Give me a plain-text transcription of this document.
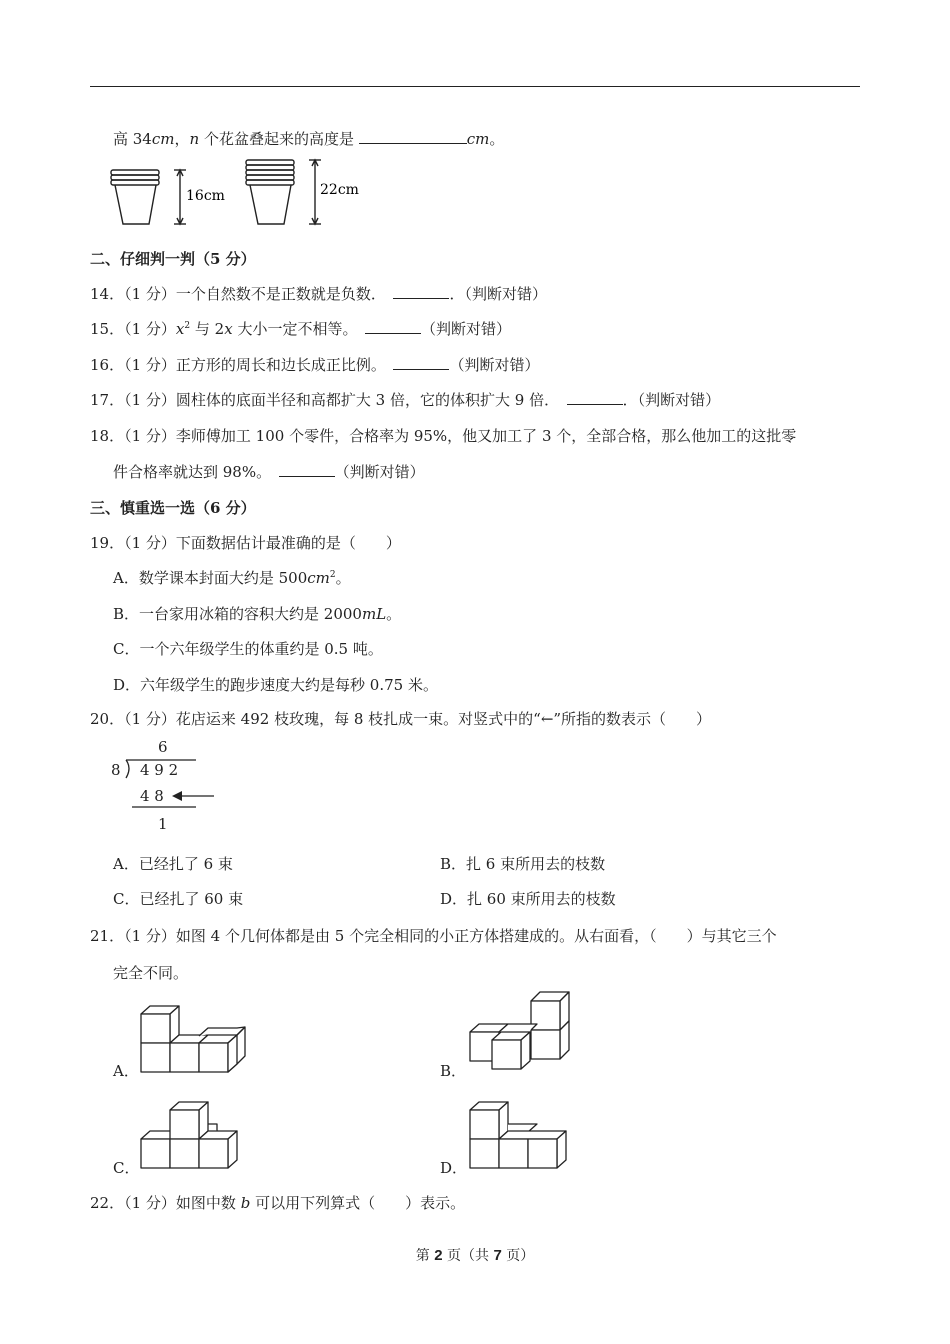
高 34cm，n 个花盆叠起来的高度是	cm。
16cm	22cm
二、仔细判一判（5 分）
14．（1 分）一个自然数不是正数就是负数．　	．（判断对错）
15．（1 分）$x^2$ 与 2x 大小一定不相等。　	（判断对错）
16．（1 分）正方形的周长和边长成正比例。　	（判断对错）
17．（1 分）圆柱体的底面半径和高都扩大 3 倍，它的体积扩大 9 倍．　	．（判断对错）
18．（1 分）李师傅加工 100 个零件，合格率为 95%，他又加工了 3 个，全部合格，那么他加工的这批零
件合格率就达到 98%。　	（判断对错）
三、慎重选一选（6 分）
19．（1 分）下面数据估计最准确的是（　　）
A．数学课本封面大约是 $500cm^2$。
B．一台家用冰箱的容积大约是 2000mL。
C．一个六年级学生的体重约是 0.5 吨。
D．六年级学生的跑步速度大约是每秒 0.75 米。
20．（1 分）花店运来 492 枝玫瑰，每 8 枝扎成一束。对竖式中的“←”所指的数表示（　　）
6
8 4 9 2
4 8
1
A．已经扎了 6 束	B．扎 6 束所用去的枝数
C．已经扎了 60 束	D．扎 60 束所用去的枝数
21．（1 分）如图 4 个几何体都是由 5 个完全相同的小正方体搭建成的。从右面看，（　　）与其它三个
完全不同。
A．	B．
C．	D．
22．（1 分）如图中数 b 可以用下列算式（　　）表示。
第 2 页（共 7 页）
